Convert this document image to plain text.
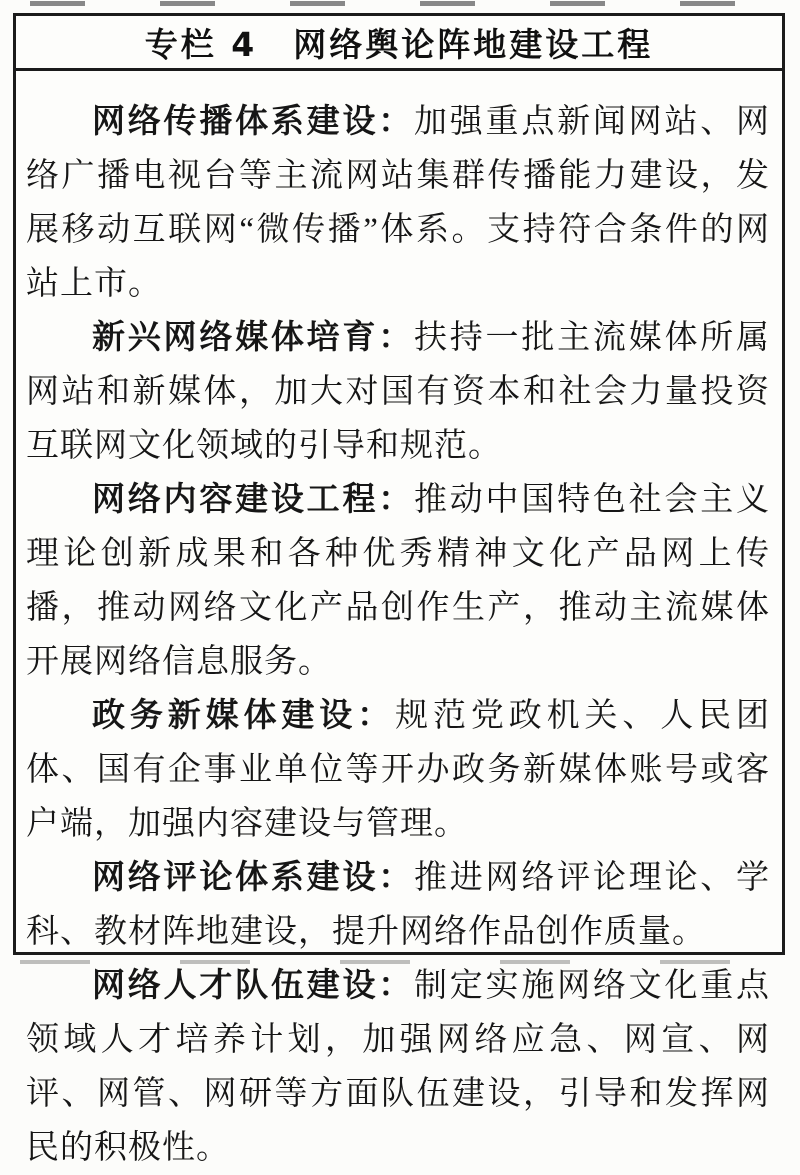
专栏 4　网络舆论阵地建设工程

网络传播体系建设：加强重点新闻网站、网络广播电视台等主流网站集群传播能力建设，发展移动互联网“微传播”体系。支持符合条件的网站上市。

新兴网络媒体培育：扶持一批主流媒体所属网站和新媒体，加大对国有资本和社会力量投资互联网文化领域的引导和规范。

网络内容建设工程：推动中国特色社会主义理论创新成果和各种优秀精神文化产品网上传播，推动网络文化产品创作生产，推动主流媒体开展网络信息服务。

政务新媒体建设：规范党政机关、人民团体、国有企事业单位等开办政务新媒体账号或客户端，加强内容建设与管理。

网络评论体系建设：推进网络评论理论、学科、教材阵地建设，提升网络作品创作质量。

网络人才队伍建设：制定实施网络文化重点领域人才培养计划，加强网络应急、网宣、网评、网管、网研等方面队伍建设，引导和发挥网民的积极性。
